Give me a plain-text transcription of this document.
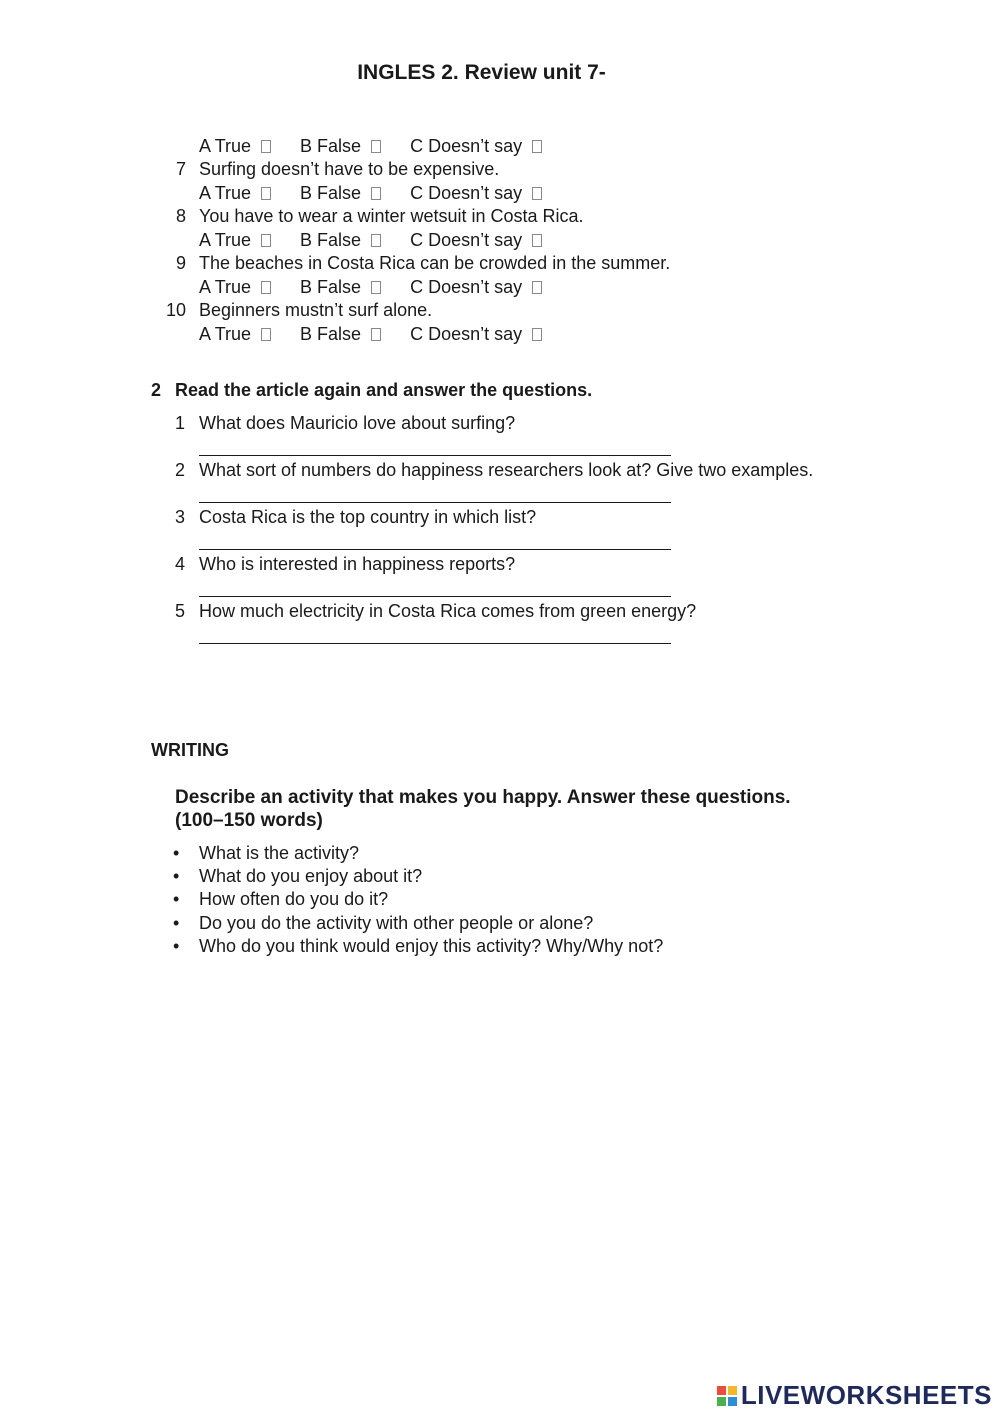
INGLES 2. Review unit 7-
A True	B False	C Doesn’t say
7 Surfing doesn’t have to be expensive.
A True	B False	C Doesn’t say
8 You have to wear a winter wetsuit in Costa Rica.
A True	B False	C Doesn’t say
9 The beaches in Costa Rica can be crowded in the summer.
A True	B False	C Doesn’t say
10 Beginners mustn’t surf alone.
A True	B False	C Doesn’t say
2 Read the article again and answer the questions.
1 What does Mauricio love about surfing?
2 What sort of numbers do happiness researchers look at? Give two examples.
3 Costa Rica is the top country in which list?
4 Who is interested in happiness reports?
5 How much electricity in Costa Rica comes from green energy?
WRITING
Describe an activity that makes you happy. Answer these questions.
(100–150 words)
• What is the activity?
• What do you enjoy about it?
• How often do you do it?
• Do you do the activity with other people or alone?
• Who do you think would enjoy this activity? Why/Why not?
LIVEWORKSHEETS
